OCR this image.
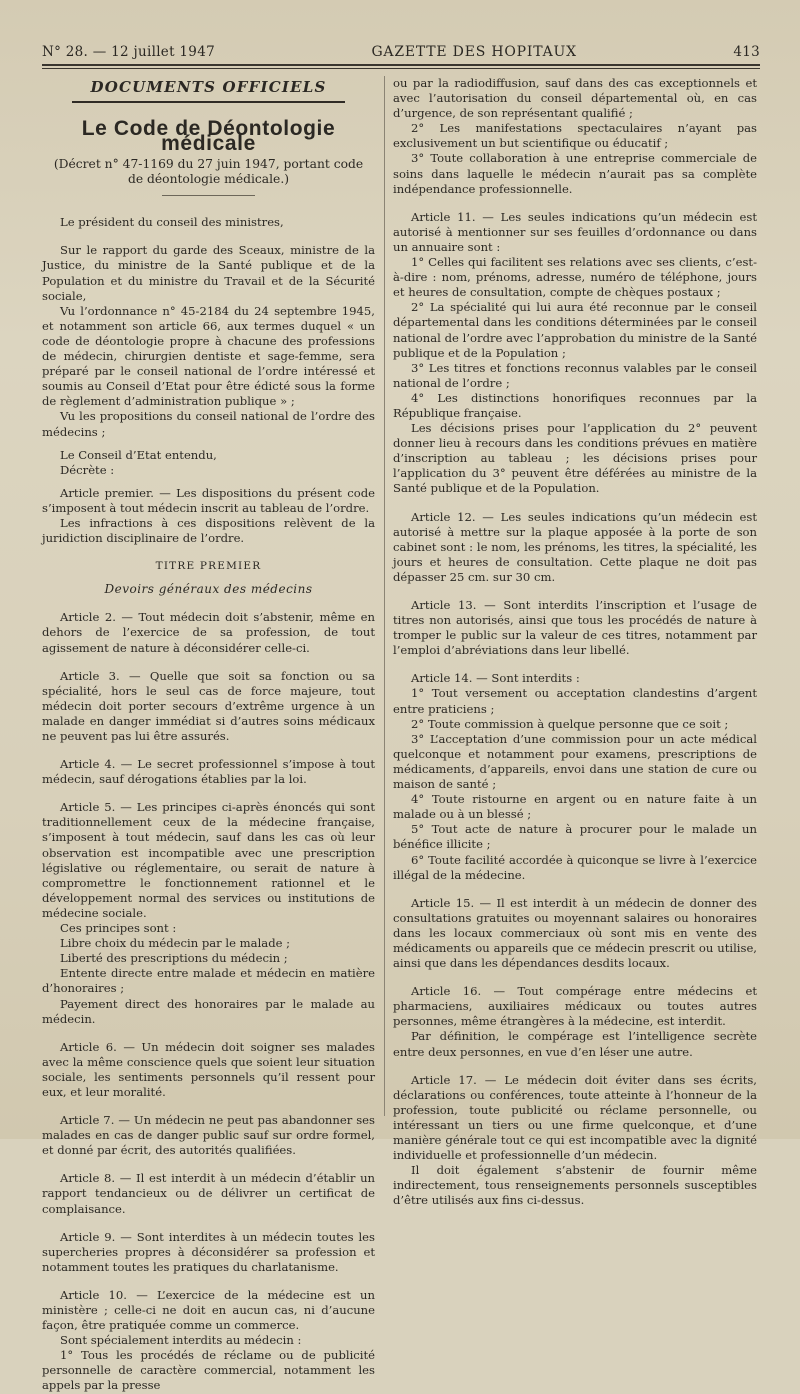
N° 28. — 12 juillet 1947	GAZETTE DES HOPITAUX	413
DOCUMENTS OFFICIELS
Le Code de Déontologie médicale
(Décret n° 47-1169 du 27 juin 1947, portant code
de déontologie médicale.)

Le président du conseil des ministres,

Sur le rapport du garde des Sceaux, ministre de la Justice, du ministre de la Santé publique et de la Population et du ministre du Travail et de la Sécurité sociale,

Vu l’ordonnance n° 45-2184 du 24 septembre 1945, et notamment son article 66, aux termes duquel « un code de déontologie propre à chacune des professions de médecin, chirurgien dentiste et sage-femme, sera préparé par le conseil national de l’ordre intéressé et soumis au Conseil d’Etat pour être édicté sous la forme de règlement d’administration publique » ;

Vu les propositions du conseil national de l’ordre des médecins ;

Le Conseil d’Etat entendu,

Décrète :

Article premier. — Les dispositions du présent code s’imposent à tout médecin inscrit au tableau de l’ordre.

Les infractions à ces dispositions relèvent de la juridiction disciplinaire de l’ordre.

TITRE PREMIER
Devoirs généraux des médecins

Article 2. — Tout médecin doit s’abstenir, même en dehors de l’exercice de sa profession, de tout agissement de nature à déconsidérer celle-ci.

Article 3. — Quelle que soit sa fonction ou sa spécialité, hors le seul cas de force majeure, tout médecin doit porter secours d’extrême urgence à un malade en danger immédiat si d’autres soins médicaux ne peuvent pas lui être assurés.

Article 4. — Le secret professionnel s’impose à tout médecin, sauf dérogations établies par la loi.

Article 5. — Les principes ci-après énoncés qui sont traditionnellement ceux de la médecine française, s’imposent à tout médecin, sauf dans les cas où leur observation est incompatible avec une prescription législative ou réglementaire, ou serait de nature à compromettre le fonctionnement rationnel et le développement normal des services ou institutions de médecine sociale.

Ces principes sont :

Libre choix du médecin par le malade ;

Liberté des prescriptions du médecin ;

Entente directe entre malade et médecin en matière d’honoraires ;

Payement direct des honoraires par le malade au médecin.

Article 6. — Un médecin doit soigner ses malades avec la même conscience quels que soient leur situation sociale, les sentiments personnels qu’il ressent pour eux, et leur moralité.

Article 7. — Un médecin ne peut pas abandonner ses malades en cas de danger public sauf sur ordre formel, et donné par écrit, des autorités qualifiées.

Article 8. — Il est interdit à un médecin d’établir un rapport tendancieux ou de délivrer un certificat de complaisance.

Article 9. — Sont interdites à un médecin toutes les supercheries propres à déconsidérer sa profession et notamment toutes les pratiques du charlatanisme.

Article 10. — L’exercice de la médecine est un ministère ; celle-ci ne doit en aucun cas, ni d’aucune façon, être pratiquée comme un commerce.

Sont spécialement interdits au médecin :

1° Tous les procédés de réclame ou de publicité personnelle de caractère commercial, notamment les appels par la presse

ou par la radiodiffusion, sauf dans des cas exceptionnels et avec l’autorisation du conseil départemental où, en cas d’urgence, de son représentant qualifié ;

2° Les manifestations spectaculaires n’ayant pas exclusivement un but scientifique ou éducatif ;

3° Toute collaboration à une entreprise commerciale de soins dans laquelle le médecin n’aurait pas sa complète indépendance professionnelle.

Article 11. — Les seules indications qu’un médecin est autorisé à mentionner sur ses feuilles d’ordonnance ou dans un annuaire sont :

1° Celles qui facilitent ses relations avec ses clients, c’est-à-dire : nom, prénoms, adresse, numéro de téléphone, jours et heures de consultation, compte de chèques postaux ;

2° La spécialité qui lui aura été reconnue par le conseil départemental dans les conditions déterminées par le conseil national de l’ordre avec l’approbation du ministre de la Santé publique et de la Population ;

3° Les titres et fonctions reconnus valables par le conseil national de l’ordre ;

4° Les distinctions honorifiques reconnues par la République française.

Les décisions prises pour l’application du 2° peuvent donner lieu à recours dans les conditions prévues en matière d’inscription au tableau ; les décisions prises pour l’application du 3° peuvent être déférées au ministre de la Santé publique et de la Population.

Article 12. — Les seules indications qu’un médecin est autorisé à mettre sur la plaque apposée à la porte de son cabinet sont : le nom, les prénoms, les titres, la spécialité, les jours et heures de consultation. Cette plaque ne doit pas dépasser 25 cm. sur 30 cm.

Article 13. — Sont interdits l’inscription et l’usage de titres non autorisés, ainsi que tous les procédés de nature à tromper le public sur la valeur de ces titres, notamment par l’emploi d’abréviations dans leur libellé.

Article 14. — Sont interdits :

1° Tout versement ou acceptation clandestins d’argent entre praticiens ;

2° Toute commission à quelque personne que ce soit ;

3° L’acceptation d’une commission pour un acte médical quelconque et notamment pour examens, prescriptions de médicaments, d’appareils, envoi dans une station de cure ou maison de santé ;

4° Toute ristourne en argent ou en nature faite à un malade ou à un blessé ;

5° Tout acte de nature à procurer pour le malade un bénéfice illicite ;

6° Toute facilité accordée à quiconque se livre à l’exercice illégal de la médecine.

Article 15. — Il est interdit à un médecin de donner des consultations gratuites ou moyennant salaires ou honoraires dans les locaux commerciaux où sont mis en vente des médicaments ou appareils que ce médecin prescrit ou utilise, ainsi que dans les dépendances desdits locaux.

Article 16. — Tout compérage entre médecins et pharmaciens, auxiliaires médicaux ou toutes autres personnes, même étrangères à la médecine, est interdit.

Par définition, le compérage est l’intelligence secrète entre deux personnes, en vue d’en léser une autre.

Article 17. — Le médecin doit éviter dans ses écrits, déclarations ou conférences, toute atteinte à l’honneur de la profession, toute publicité ou réclame personnelle, ou intéressant un tiers ou une firme quelconque, et d’une manière générale tout ce qui est incompatible avec la dignité individuelle et professionnelle d’un médecin.

Il doit également s’abstenir de fournir même indirectement, tous renseignements personnels susceptibles d’être utilisés aux fins ci-dessus.
